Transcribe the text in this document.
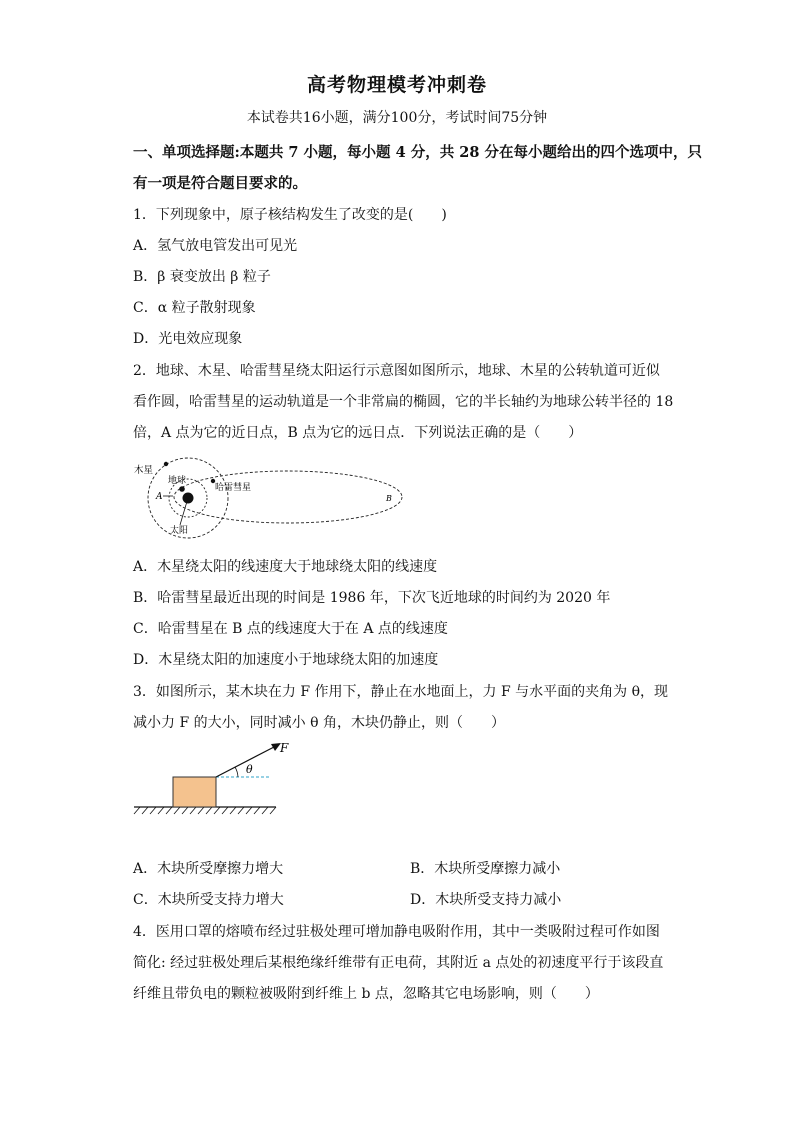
高考物理模考冲刺卷
本试卷共16小题，满分100分，考试时间75分钟
一、单项选择题:本题共 7 小题，每小题 4 分，共 28 分在每小题给出的四个选项中，只
有一项是符合题目要求的。
1．下列现象中，原子核结构发生了改变的是(　　)
A．氢气放电管发出可见光
B．β 衰变放出 β 粒子
C．α 粒子散射现象
D．光电效应现象
2．地球、木星、哈雷彗星绕太阳运行示意图如图所示，地球、木星的公转轨道可近似
看作圆，哈雷彗星的运动轨道是一个非常扁的椭圆，它的半长轴约为地球公转半径的 18
倍，A 点为它的近日点，B 点为它的远日点．下列说法正确的是（　　）
木星
地球
哈雷彗星
太阳
A	B
A．木星绕太阳的线速度大于地球绕太阳的线速度
B．哈雷彗星最近出现的时间是 1986 年，下次飞近地球的时间约为 2020 年
C．哈雷彗星在 B 点的线速度大于在 A 点的线速度
D．木星绕太阳的加速度小于地球绕太阳的加速度
3．如图所示，某木块在力 F 作用下，静止在水地面上，力 F 与水平面的夹角为 θ，现
减小力 F 的大小，同时减小 θ 角，木块仍静止，则（　　）
θ
F
A．木块所受摩擦力增大	B．木块所受摩擦力减小
C．木块所受支持力增大	D．木块所受支持力减小
4．医用口罩的熔喷布经过驻极处理可增加静电吸附作用，其中一类吸附过程可作如图
简化: 经过驻极处理后某根绝缘纤维带有正电荷，其附近 a 点处的初速度平行于该段直
纤维且带负电的颗粒被吸附到纤维上 b 点，忽略其它电场影响，则（　　）
